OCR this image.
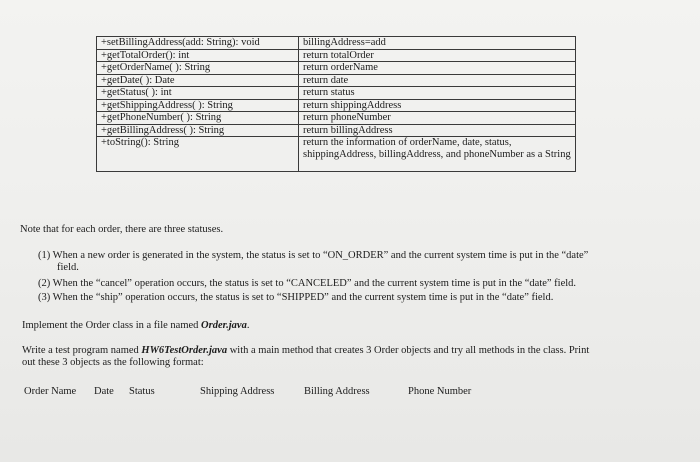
+setBillingAddress(add: String): void	billingAddress=add
+getTotalOrder(): int	return totalOrder
+getOrderName( ): String	return orderName
+getDate( ): Date	return date
+getStatus( ): int	return status
+getShippingAddress( ): String	return shippingAddress
+getPhoneNumber( ): String	return phoneNumber
+getBillingAddress( ): String	return billingAddress
+toString(): String	return the information of orderName, date, status, shippingAddress, billingAddress, and phoneNumber as a String
Note that for each order, there are three statuses.
(1) When a new order is generated in the system, the status is set to “ON_ORDER” and the current system time is put in the “date”
field.
(2) When the “cancel” operation occurs, the status is set to “CANCELED” and the current system time is put in the “date” field.
(3) When the “ship” operation occurs, the status is set to “SHIPPED” and the current system time is put in the “date” field.
Implement the Order class in a file named Order.java.
Write a test program named HW6TestOrder.java with a main method that creates 3 Order objects and try all methods in the class. Print
out these 3 objects as the following format:
Order Name Date Status	Shipping Address	Billing Address	Phone Number
